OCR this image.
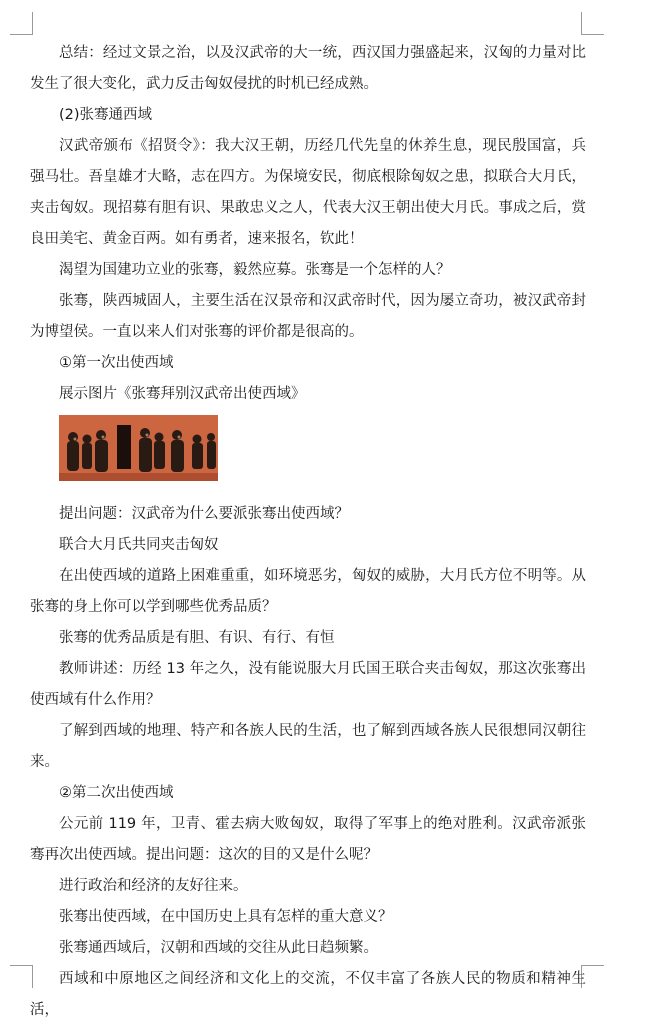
总结：经过文景之治，以及汉武帝的大一统，西汉国力强盛起来，汉匈的力量对比发生了很大变化，武力反击匈奴侵扰的时机已经成熟。

(2)张骞通西域

汉武帝颁布《招贤令》：我大汉王朝，历经几代先皇的休养生息，现民殷国富，兵强马壮。吾皇雄才大略，志在四方。为保境安民，彻底根除匈奴之患，拟联合大月氏，夹击匈奴。现招募有胆有识、果敢忠义之人，代表大汉王朝出使大月氏。事成之后，赏良田美宅、黄金百两。如有勇者，速来报名，钦此！

渴望为国建功立业的张骞，毅然应募。张骞是一个怎样的人？

张骞，陕西城固人，主要生活在汉景帝和汉武帝时代，因为屡立奇功，被汉武帝封为博望侯。一直以来人们对张骞的评价都是很高的。

①第一次出使西域

展示图片《张骞拜别汉武帝出使西域》

提出问题：汉武帝为什么要派张骞出使西域？

联合大月氏共同夹击匈奴

在出使西域的道路上困难重重，如环境恶劣，匈奴的威胁，大月氏方位不明等。从张骞的身上你可以学到哪些优秀品质？

张骞的优秀品质是有胆、有识、有行、有恒

教师讲述：历经 13 年之久，没有能说服大月氏国王联合夹击匈奴，那这次张骞出使西域有什么作用？

了解到西域的地理、特产和各族人民的生活，也了解到西域各族人民很想同汉朝往来。

②第二次出使西域

公元前 119 年，卫青、霍去病大败匈奴，取得了军事上的绝对胜利。汉武帝派张骞再次出使西域。提出问题：这次的目的又是什么呢？

进行政治和经济的友好往来。

张骞出使西域，在中国历史上具有怎样的重大意义？

张骞通西域后，汉朝和西域的交往从此日趋频繁。

西域和中原地区之间经济和文化上的交流，不仅丰富了各族人民的物质和精神生活，
